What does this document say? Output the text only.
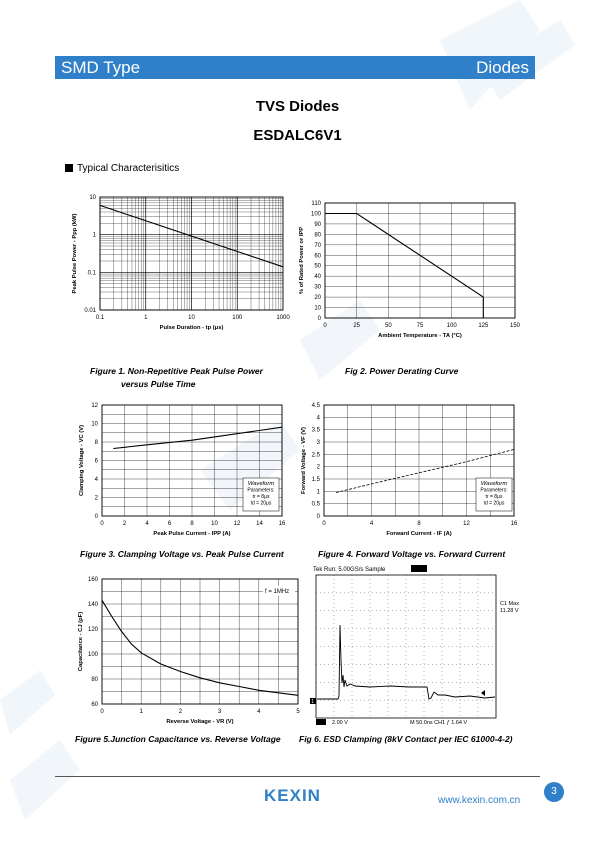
SMD Type	Diodes
TVS Diodes
ESDALC6V1
Typical Characterisitics
0.1	1	10	100	1000
10
1
0.1
0.01
Pulse Duration - tp (μs)
Peak Pulse Power - Ppp (kW)
Figure 1. Non-Repetitive Peak Pulse Power
versus Pulse Time
0	25	50	75	100	125	150
110
100
90
80
70
60
50
40
30
20
10
0
Ambient Temperature - TA (°C)
% of Rated Power or IPP
Fig 2. Power Derating Curve
0	2	4	6	8	10	12	14	16
12
10
8
6
4
2
0
Peak Pulse Current - IPP (A)
Clamping Voltage - VC (V)	Waveform
Parameters:
tr = 8μs
td = 20μs
Figure 3. Clamping Voltage vs. Peak Pulse Current
0	4	8	12	16
4.5
4
3.5
3
2.5
2
1.5
1
0.5
0
Forward Current - IF (A)
Forward Voltage - VF (V)	Waveform
Parameters:
tr = 8μs
td = 20μs
Figure 4. Forward Voltage vs. Forward Current
0	1	2	3	4	5
160
140
120
100
80
60
Reverse Voltage - VR (V)
Capacitance - CJ (pF)
f = 1MHz
Figure 5.Junction Capacitance vs. Reverse Voltage
Tek Run: 5.00GS/s Sample
C1 Max
11.28 V
1
2.00 V	M 50.0ns CH1 ƒ 1.64 V
Fig 6. ESD Clamping (8kV Contact per IEC 61000-4-2)
KEXIN	www.kexin.com.cn
3
